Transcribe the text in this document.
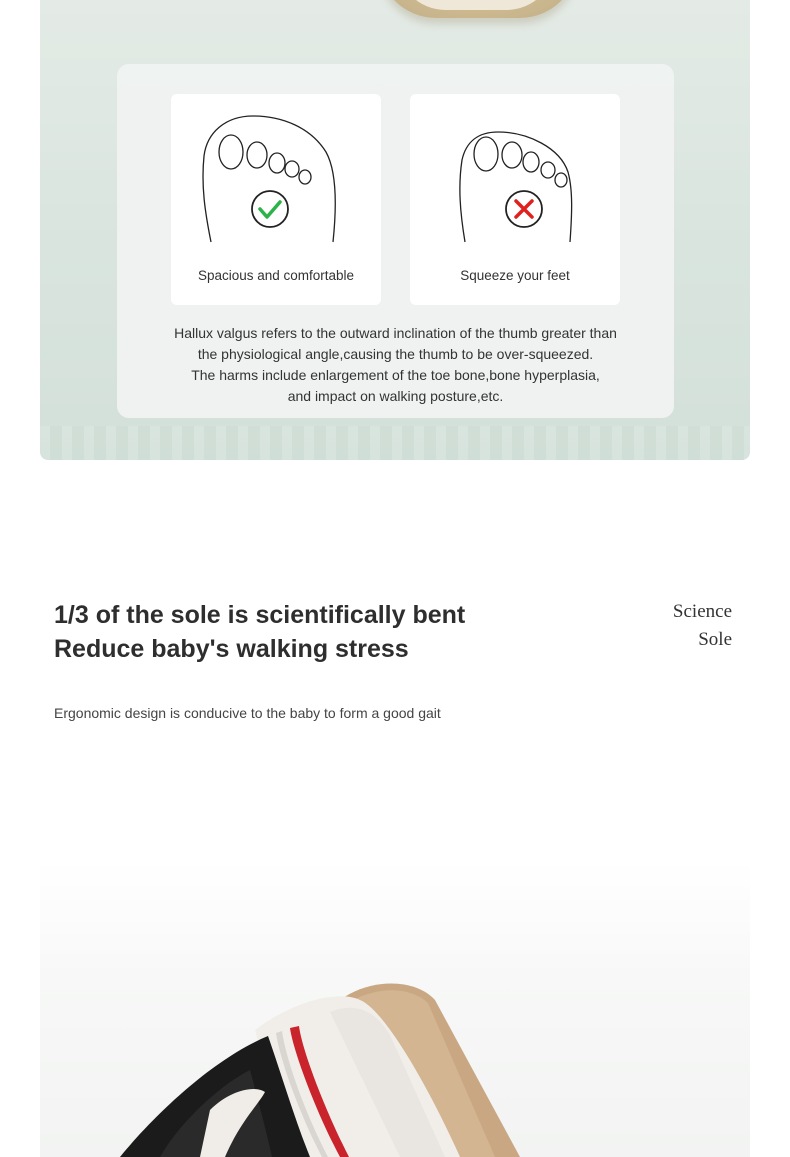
Spacious and comfortable	Squeeze your feet
Hallux valgus refers to the outward inclination of the thumb greater than
the physiological angle,causing the thumb to be over-squeezed.
The harms include enlargement of the toe bone,bone hyperplasia,
and impact on walking posture,etc.
1/3 of the sole is scientifically bent
Reduce baby's walking stress
Science
Sole
Ergonomic design is conducive to the baby to form a good gait
